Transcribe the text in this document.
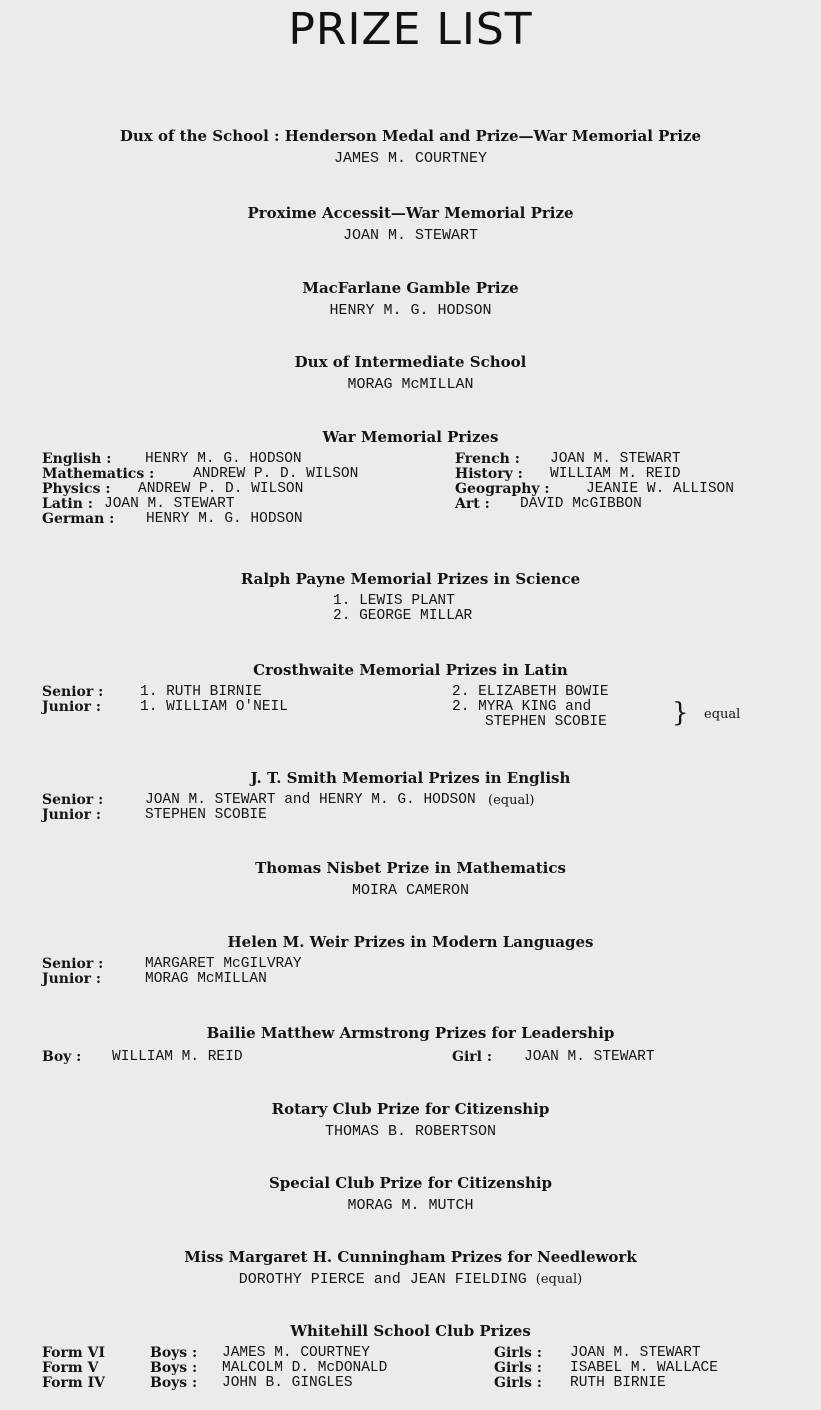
PRIZE LIST
Dux of the School : Henderson Medal and Prize—War Memorial Prize
JAMES M. COURTNEY
Proxime Accessit—War Memorial Prize
JOAN M. STEWART
MacFarlane Gamble Prize
HENRY M. G. HODSON
Dux of Intermediate School
MORAG McMILLAN
War Memorial Prizes
English : HENRY M. G. HODSON	French : JOAN M. STEWART
Mathematics :	ANDREW P. D. WILSON	History : WILLIAM M. REID
Physics : ANDREW P. D. WILSON	Geography :	JEANIE W. ALLISON
Latin : JOAN M. STEWART	Art : DAVID McGIBBON
German : HENRY M. G. HODSON
Ralph Payne Memorial Prizes in Science
1. LEWIS PLANT
2. GEORGE MILLAR
Crosthwaite Memorial Prizes in Latin
Senior :	1. RUTH BIRNIE	2. ELIZABETH BOWIE
Junior :	1. WILLIAM O'NEIL	2. MYRA KING and
STEPHEN SCOBIE	} equal
J. T. Smith Memorial Prizes in English
Senior :	JOAN M. STEWART and HENRY M. G. HODSON (equal)
Junior :	STEPHEN SCOBIE
Thomas Nisbet Prize in Mathematics
MOIRA CAMERON
Helen M. Weir Prizes in Modern Languages
Senior :	MARGARET McGILVRAY
Junior :	MORAG McMILLAN
Bailie Matthew Armstrong Prizes for Leadership
Boy : WILLIAM M. REID	Girl : JOAN M. STEWART
Rotary Club Prize for Citizenship
THOMAS B. ROBERTSON
Special Club Prize for Citizenship
MORAG M. MUTCH
Miss Margaret H. Cunningham Prizes for Needlework
DOROTHY PIERCE and JEAN FIELDING (equal)
Whitehill School Club Prizes
Form VI	Boys : JAMES M. COURTNEY	Girls : JOAN M. STEWART
Form V	Boys : MALCOLM D. McDONALD	Girls : ISABEL M. WALLACE
Form IV	Boys : JOHN B. GINGLES	Girls : RUTH BIRNIE
